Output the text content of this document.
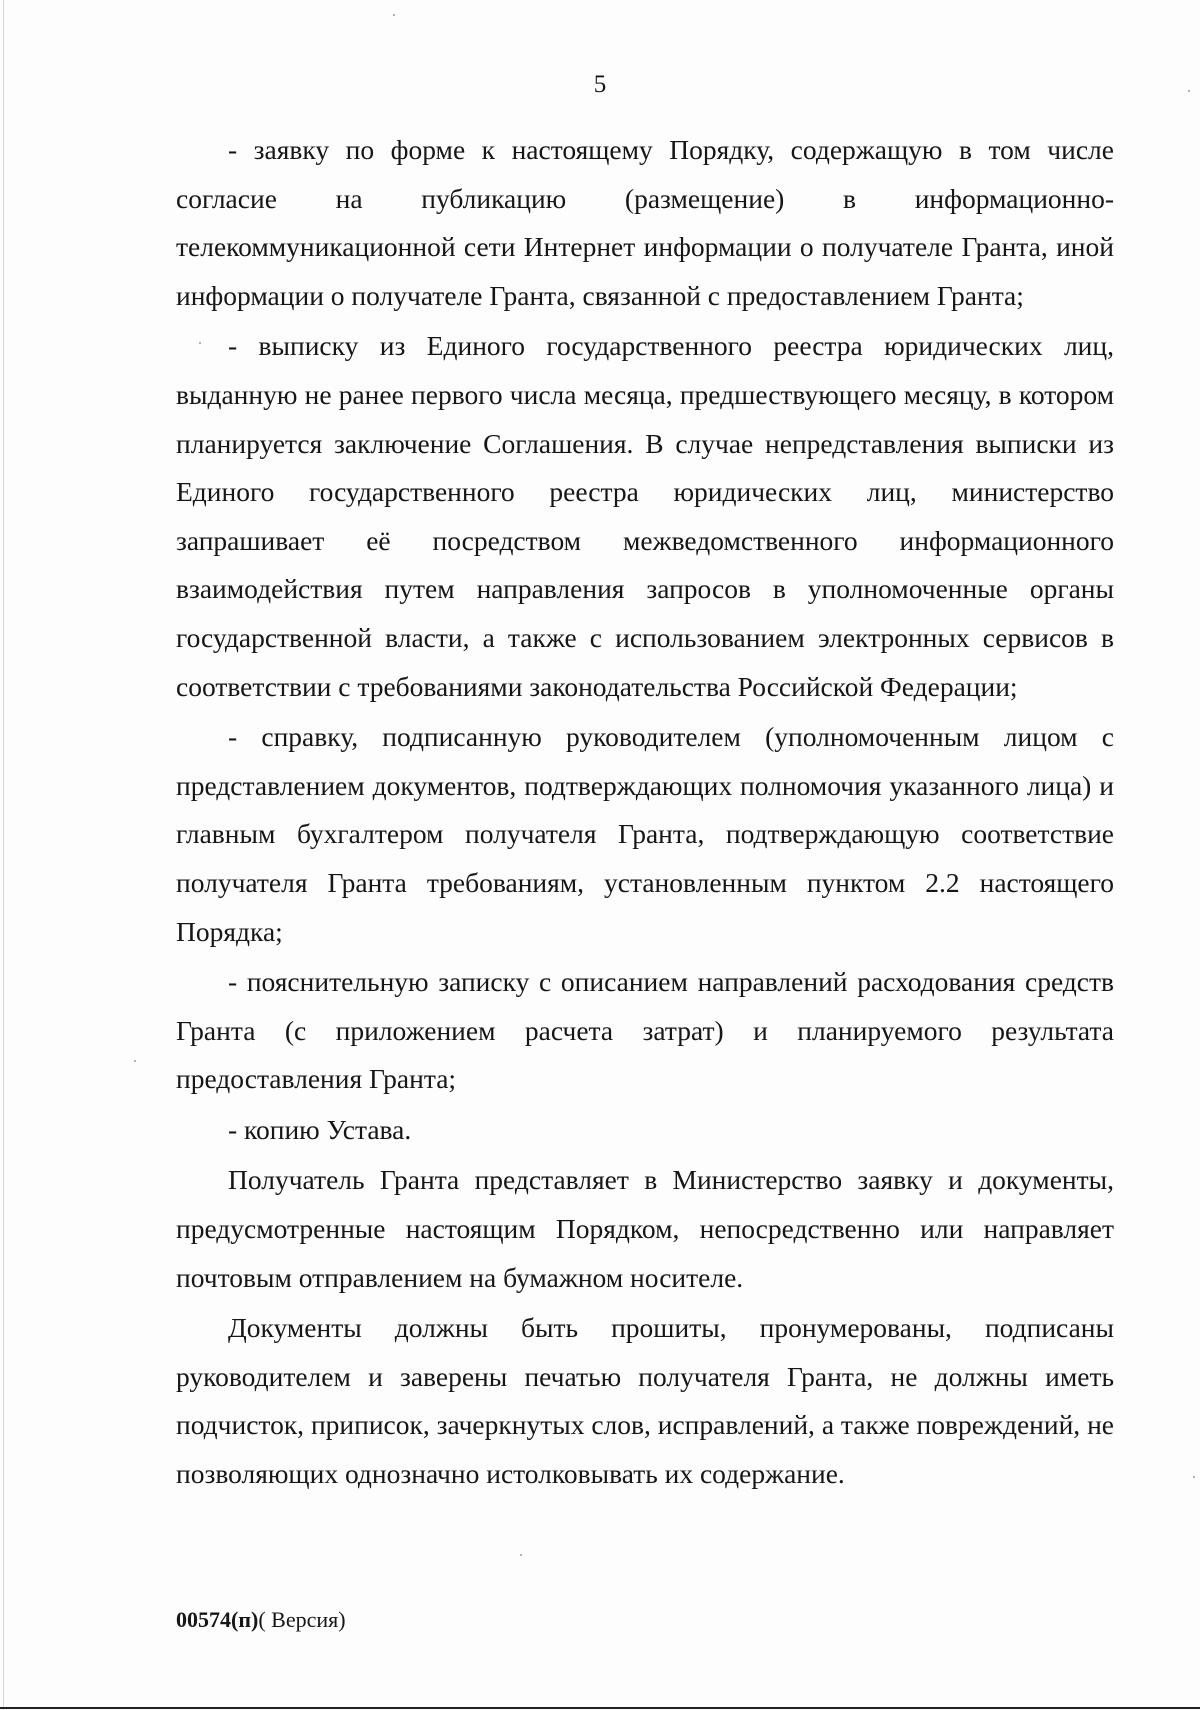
5

- заявку по форме к настоящему Порядку, содержащую в том числе согласие на публикацию (размещение) в информационно-телекоммуникационной сети Интернет информации о получателе Гранта, иной информации о получателе Гранта, связанной с предоставлением Гранта;

- выписку из Единого государственного реестра юридических лиц, выданную не ранее первого числа месяца, предшествующего месяцу, в котором планируется заключение Соглашения. В случае непредставления выписки из Единого государственного реестра юридических лиц, министерство запрашивает её посредством межведомственного информационного взаимодействия путем направления запросов в уполномоченные органы государственной власти, а также с использованием электронных сервисов в соответствии с требованиями законодательства Российской Федерации;

- справку, подписанную руководителем (уполномоченным лицом с представлением документов, подтверждающих полномочия указанного лица) и главным бухгалтером получателя Гранта, подтверждающую соответствие получателя Гранта требованиям, установленным пунктом 2.2 настоящего Порядка;

- пояснительную записку с описанием направлений расходования средств Гранта (с приложением расчета затрат) и планируемого результата предоставления Гранта;

- копию Устава.

Получатель Гранта представляет в Министерство заявку и документы, предусмотренные настоящим Порядком, непосредственно или направляет почтовым отправлением на бумажном носителе.

Документы должны быть прошиты, пронумерованы, подписаны руководителем и заверены печатью получателя Гранта, не должны иметь подчисток, приписок, зачеркнутых слов, исправлений, а также повреждений, не позволяющих однозначно истолковывать их содержание.

00574(п)( Версия)
